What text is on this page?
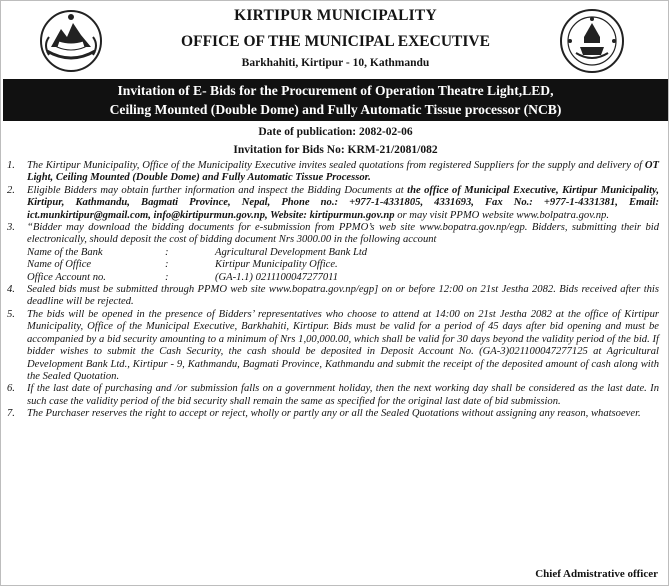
KIRTIPUR MUNICIPALITY
OFFICE OF THE MUNICIPAL EXECUTIVE
Barkhahiti, Kirtipur - 10, Kathmandu
Invitation of E- Bids for the Procurement of Operation Theatre Light,LED,
Ceiling Mounted (Double Dome) and Fully Automatic Tissue processor (NCB)
Date of publication: 2082-02-06
Invitation for Bids No: KRM-21/2081/082
1. The Kirtipur Municipality, Office of the Municipality Executive invites sealed quotations from registered Suppliers for the supply and delivery of OT Light, Ceiling Mounted (Double Dome) and Fully Automatic Tissue Processor.
2. Eligible Bidders may obtain further information and inspect the Bidding Documents at the office of Municipal Executive, Kirtipur Municipality, Kirtipur, Kathmandu, Bagmati Province, Nepal, Phone no.: +977-1-4331805, 4331693, Fax No.: +977-1-4331381, Email: ict.munkirtipur@gmail.com, info@kirtipurmun.gov.np, Website: kirtipurmun.gov.np or may visit PPMO website www.bolpatra.gov.np.
3. “Bidder may download the bidding documents for e-submission from PPMO’s web site www.bopatra.gov.np/egp. Bidders, submitting their bid electronically, should deposit the cost of bidding document Nrs 3000.00 in the following account
Name of the Bank	:	Agricultural Development Bank Ltd
Name of Office	:	Kirtipur Municipality Office.
Office Account no.	:	(GA-1.1) 0211100047277011
4. Sealed bids must be submitted through PPMO web site www.bopatra.gov.np/egp] on or before 12:00 on 21st Jestha 2082. Bids received after this deadline will be rejected.
5. The bids will be opened in the presence of Bidders’ representatives who choose to attend at 14:00 on 21st Jestha 2082 at the office of Kirtipur Municipality, Office of the Municipal Executive, Barkhahiti, Kirtipur. Bids must be valid for a period of 45 days after bid opening and must be accompanied by a bid security amounting to a minimum of Nrs 1,00,000.00, which shall be valid for 30 days beyond the validity period of the bid. If bidder wishes to submit the Cash Security, the cash should be deposited in Deposit Account No. (GA-3)021100047277125 at Agricultural Development Bank Ltd., Kirtipur - 9, Kathmandu, Bagmati Province, Kathmandu and submit the receipt of the deposited amount of cash along with the Sealed Quotation.
6. If the last date of purchasing and /or submission falls on a government holiday, then the next working day shall be considered as the last date. In such case the validity period of the bid security shall remain the same as specified for the original last date of bid submission.
7. The Purchaser reserves the right to accept or reject, wholly or partly any or all the Sealed Quotations without assigning any reason, whatsoever.
Chief Admistrative officer
